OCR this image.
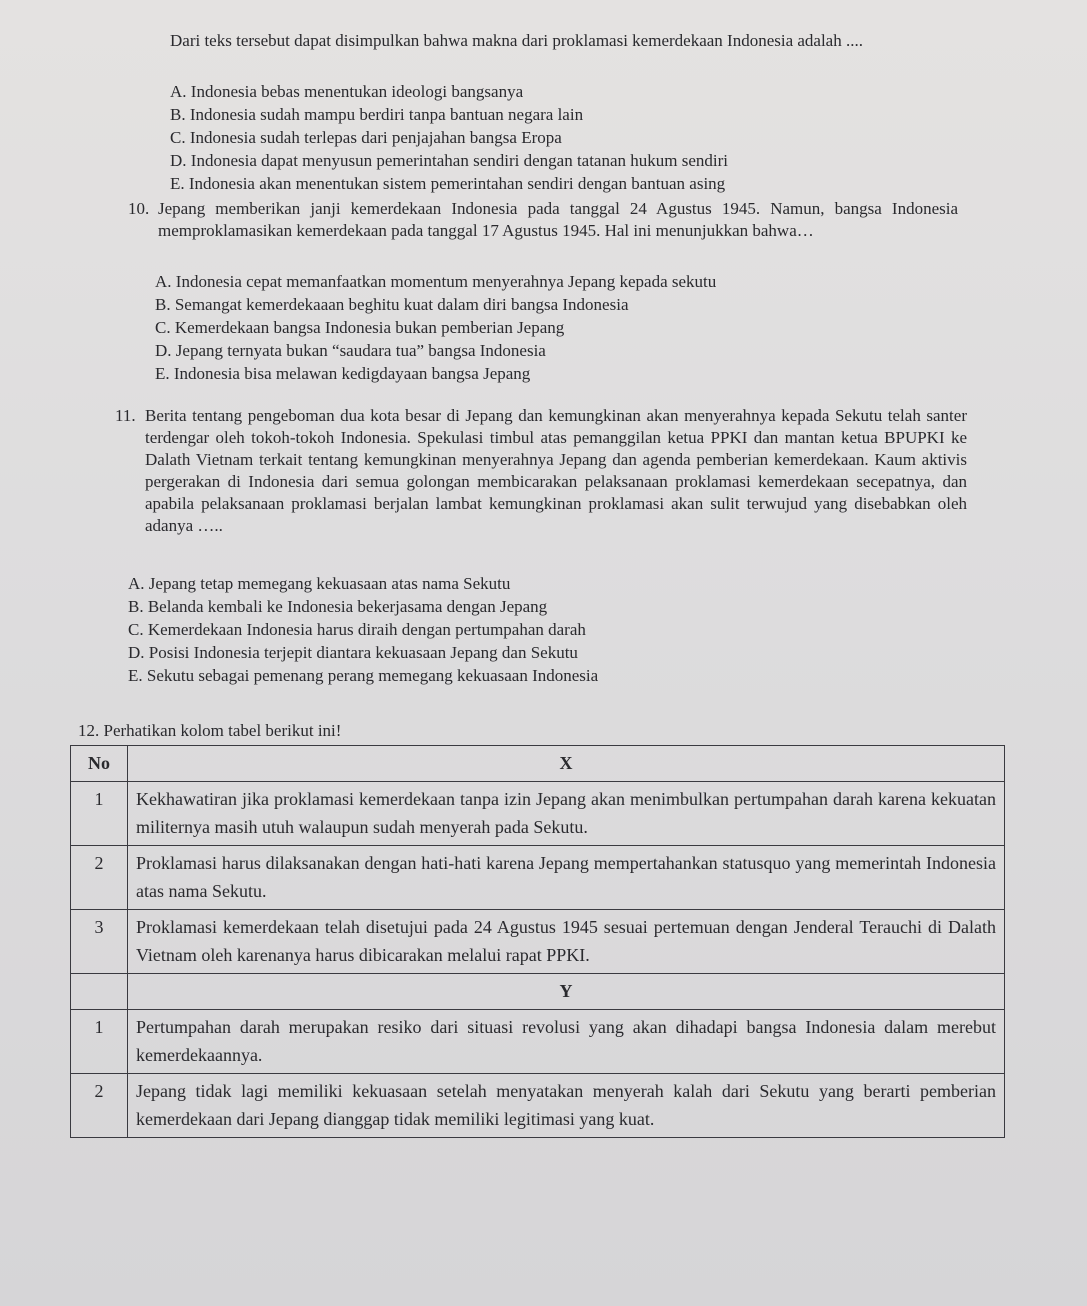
Dari teks tersebut dapat disimpulkan bahwa makna dari proklamasi kemerdekaan Indonesia adalah ....

A. Indonesia bebas menentukan ideologi bangsanya
B. Indonesia sudah mampu berdiri tanpa bantuan negara lain
C. Indonesia sudah terlepas dari penjajahan bangsa Eropa
D. Indonesia dapat menyusun pemerintahan sendiri dengan tatanan hukum sendiri
E. Indonesia akan menentukan sistem pemerintahan sendiri dengan bantuan asing

10. Jepang memberikan janji kemerdekaan Indonesia pada tanggal 24 Agustus 1945. Namun, bangsa Indonesia memproklamasikan kemerdekaan pada tanggal 17 Agustus 1945. Hal ini menunjukkan bahwa…

A. Indonesia cepat memanfaatkan momentum menyerahnya Jepang kepada sekutu
B. Semangat kemerdekaaan beghitu kuat dalam diri bangsa Indonesia
C. Kemerdekaan bangsa Indonesia bukan pemberian Jepang
D. Jepang ternyata bukan “saudara tua” bangsa Indonesia
E. Indonesia bisa melawan kedigdayaan bangsa Jepang

11. Berita tentang pengeboman dua kota besar di Jepang dan kemungkinan akan menyerahnya kepada Sekutu telah santer terdengar oleh tokoh-tokoh Indonesia. Spekulasi timbul atas pemanggilan ketua PPKI dan mantan ketua BPUPKI ke Dalath Vietnam terkait tentang kemungkinan menyerahnya Jepang dan agenda pemberian kemerdekaan. Kaum aktivis pergerakan di Indonesia dari semua golongan membicarakan pelaksanaan proklamasi kemerdekaan secepatnya, dan apabila pelaksanaan proklamasi berjalan lambat kemungkinan proklamasi akan sulit terwujud yang disebabkan oleh adanya …..

A. Jepang tetap memegang kekuasaan atas nama Sekutu
B. Belanda kembali ke Indonesia bekerjasama dengan Jepang
C. Kemerdekaan Indonesia harus diraih dengan pertumpahan darah
D. Posisi Indonesia terjepit diantara kekuasaan Jepang dan Sekutu
E. Sekutu sebagai pemenang perang memegang kekuasaan Indonesia

12. Perhatikan kolom tabel berikut ini!

No	X
1	Kekhawatiran jika proklamasi kemerdekaan tanpa izin Jepang akan menimbulkan pertumpahan darah karena kekuatan militernya masih utuh walaupun sudah menyerah pada Sekutu.
2	Proklamasi harus dilaksanakan dengan hati-hati karena Jepang mempertahankan statusquo yang memerintah Indonesia atas nama Sekutu.
3	Proklamasi kemerdekaan telah disetujui pada 24 Agustus 1945 sesuai pertemuan dengan Jenderal Terauchi di Dalath Vietnam oleh karenanya harus dibicarakan melalui rapat PPKI.
	Y
1	Pertumpahan darah merupakan resiko dari situasi revolusi yang akan dihadapi bangsa Indonesia dalam merebut kemerdekaannya.
2	Jepang tidak lagi memiliki kekuasaan setelah menyatakan menyerah kalah dari Sekutu yang berarti pemberian kemerdekaan dari Jepang dianggap tidak memiliki legitimasi yang kuat.
